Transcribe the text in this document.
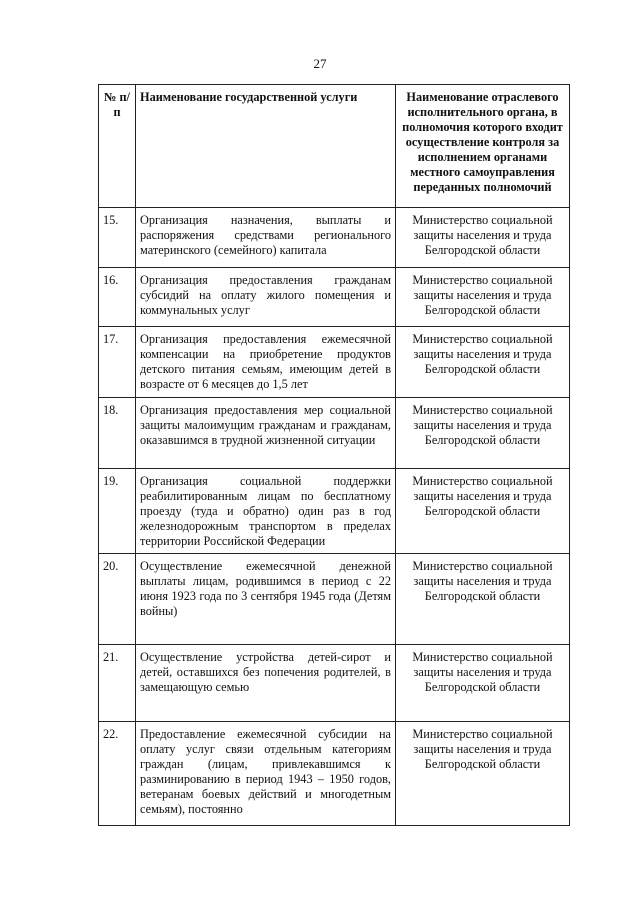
27
№ п/п	Наименование государственной услуги	Наименование отраслевого исполнительного органа, в полномочия которого входит осуществление контроля за исполнением органами местного самоуправления переданных полномочий
15.	Организация назначения, выплаты и распоряжения средствами регионального материнского (семейного) капитала	Министерство социальной защиты населения и труда Белгородской области
16.	Организация предоставления гражданам субсидий на оплату жилого помещения и коммунальных услуг	Министерство социальной защиты населения и труда Белгородской области
17.	Организация предоставления ежемесячной компенсации на приобретение продуктов детского питания семьям, имеющим детей в возрасте от 6 месяцев до 1,5 лет	Министерство социальной защиты населения и труда Белгородской области
18.	Организация предоставления мер социальной защиты малоимущим гражданам и гражданам, оказавшимся в трудной жизненной ситуации	Министерство социальной защиты населения и труда Белгородской области
19.	Организация социальной поддержки реабилитированным лицам по бесплатному проезду (туда и обратно) один раз в год железнодорожным транспортом в пределах территории Российской Федерации	Министерство социальной защиты населения и труда Белгородской области
20.	Осуществление ежемесячной денежной выплаты лицам, родившимся в период с 22 июня 1923 года по 3 сентября 1945 года (Детям войны)	Министерство социальной защиты населения и труда Белгородской области
21.	Осуществление устройства детей-сирот и детей, оставшихся без попечения родителей, в замещающую семью	Министерство социальной защиты населения и труда Белгородской области
22.	Предоставление ежемесячной субсидии на оплату услуг связи отдельным категориям граждан (лицам, привлекавшимся к разминированию в период 1943 – 1950 годов, ветеранам боевых действий и многодетным семьям), постоянно	Министерство социальной защиты населения и труда Белгородской области
